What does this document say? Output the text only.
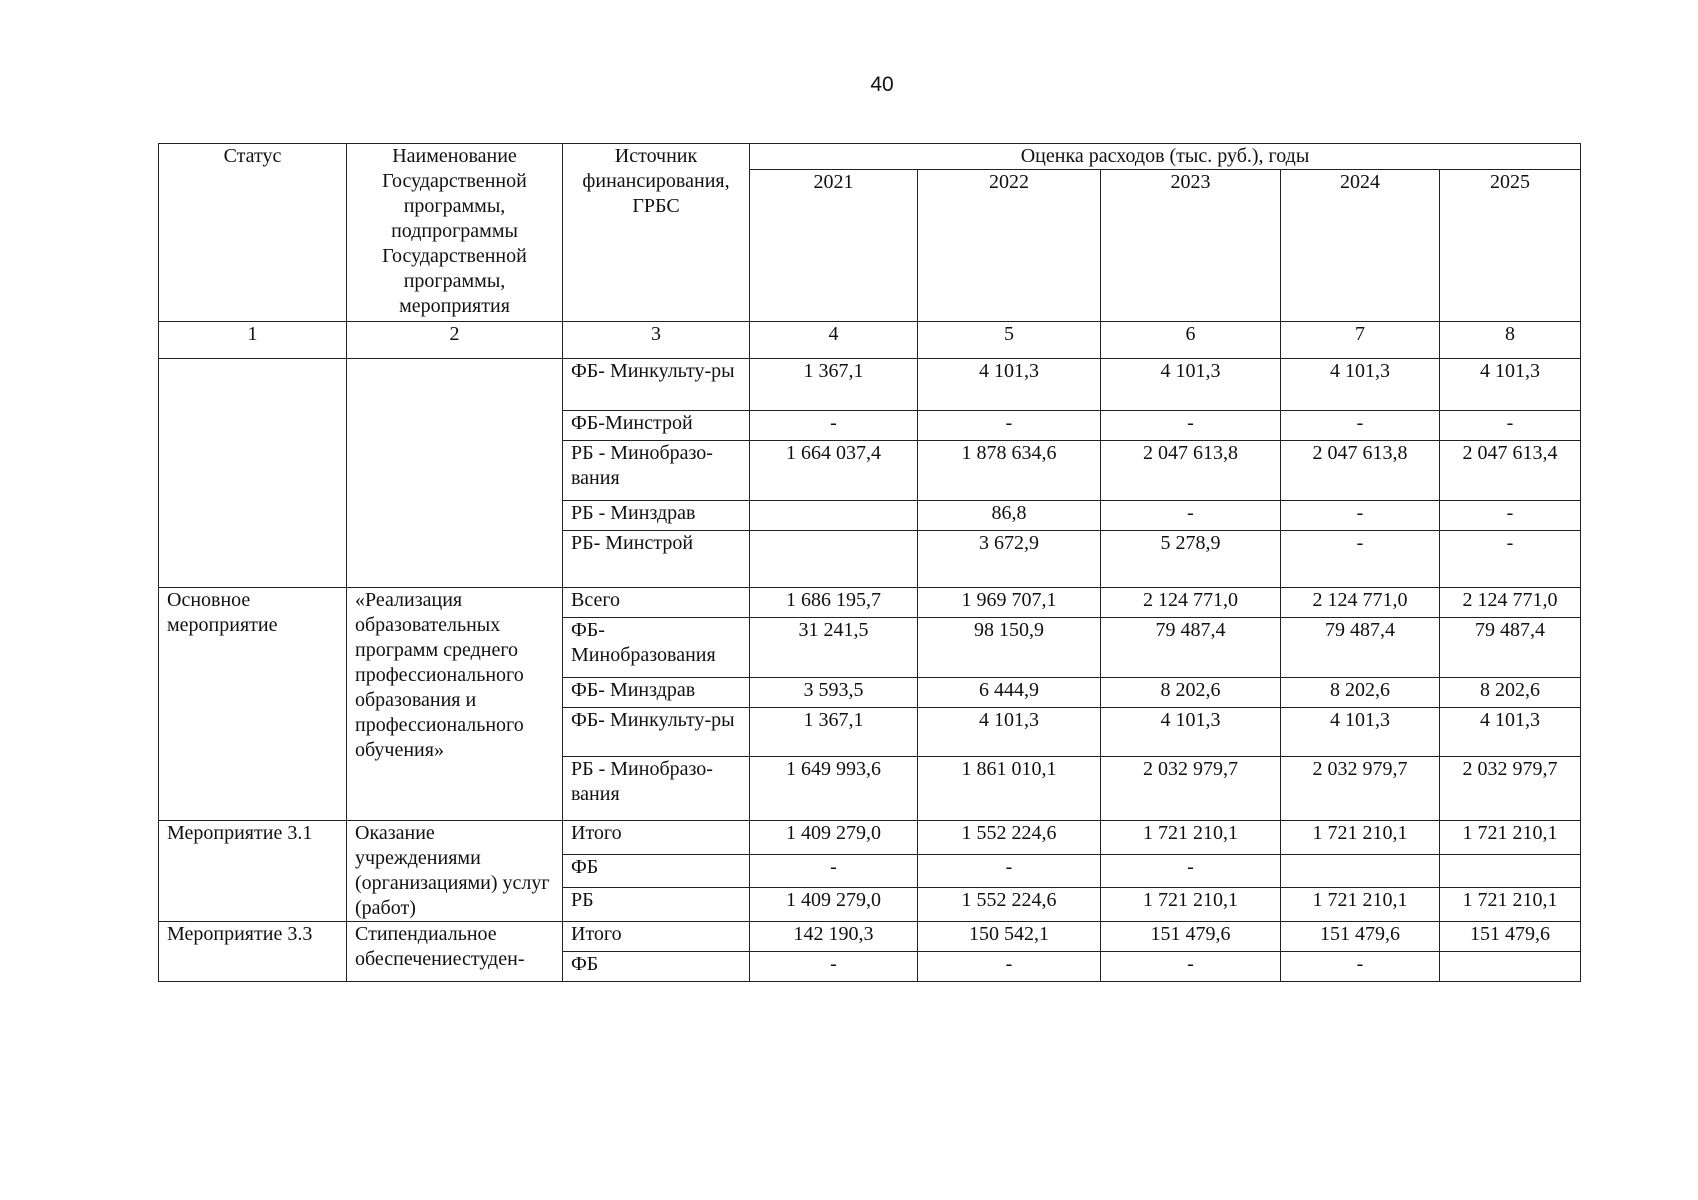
40
Статус	Наименование Государственной программы, подпрограммы Государственной программы, мероприятия	Источник финансирования, ГРБС	Оценка расходов (тыс. руб.), годы				
			2021	2022	2023	2024	2025
1	2	3	4	5	6	7	8
		ФБ- Минкульту-ры	1 367,1	4 101,3	4 101,3	4 101,3	4 101,3
		ФБ-Минстрой	-	-	-	-	-
		РБ - Минобразо-вания	1 664 037,4	1 878 634,6	2 047 613,8	2 047 613,8	2 047 613,4
		РБ - Минздрав		86,8	-	-	-
		РБ- Минстрой		3 672,9	5 278,9	-	-
Основное мероприятие	«Реализация образовательных программ среднего профессионального образования и профессионального обучения»	Всего	1 686 195,7	1 969 707,1	2 124 771,0	2 124 771,0	2 124 771,0
		ФБ-Минобразования	31 241,5	98 150,9	79 487,4	79 487,4	79 487,4
		ФБ- Минздрав	3 593,5	6 444,9	8 202,6	8 202,6	8 202,6
		ФБ- Минкульту-ры	1 367,1	4 101,3	4 101,3	4 101,3	4 101,3
		РБ - Минобразо-вания	1 649 993,6	1 861 010,1	2 032 979,7	2 032 979,7	2 032 979,7
Мероприятие 3.1	Оказание учреждениями (организациями) услуг (работ)	Итого	1 409 279,0	1 552 224,6	1 721 210,1	1 721 210,1	1 721 210,1
		ФБ	-	-	-		
		РБ	1 409 279,0	1 552 224,6	1 721 210,1	1 721 210,1	1 721 210,1
Мероприятие 3.3	Стипендиальное обеспечениестуден-	Итого	142 190,3	150 542,1	151 479,6	151 479,6	151 479,6
		ФБ	-	-	-	-	
